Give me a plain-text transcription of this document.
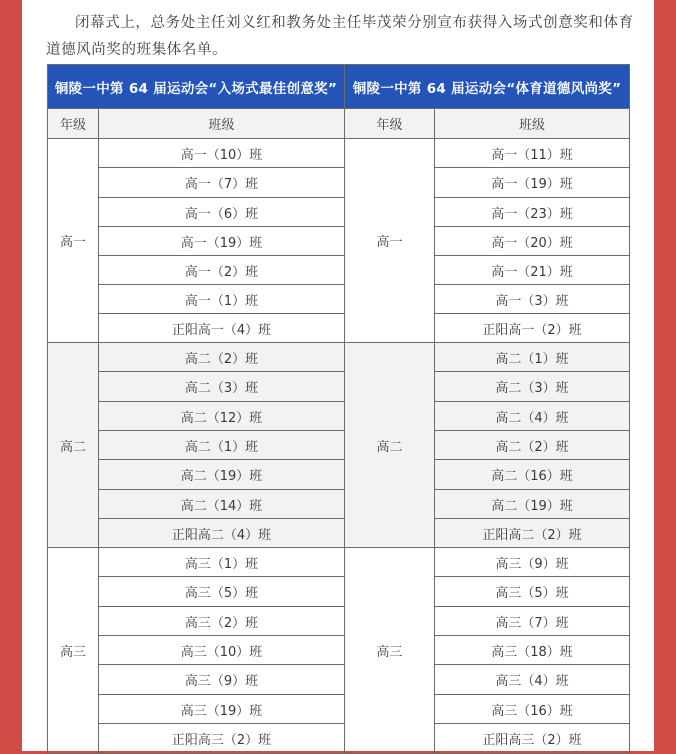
闭幕式上，总务处主任刘义红和教务处主任毕茂荣分别宣布获得入场式创意奖和体育道德风尚奖的班集体名单。

铜陵一中第 64 届运动会“入场式最佳创意奖”		铜陵一中第 64 届运动会“体育道德风尚奖”	
年级	班级	年级	班级
高一	高一（10）班	高一	高一（11）班
	高一（7）班		高一（19）班
	高一（6）班		高一（23）班
	高一（19）班		高一（20）班
	高一（2）班		高一（21）班
	高一（1）班		高一（3）班
	正阳高一（4）班		正阳高一（2）班
高二	高二（2）班	高二	高二（1）班
	高二（3）班		高二（3）班
	高二（12）班		高二（4）班
	高二（1）班		高二（2）班
	高二（19）班		高二（16）班
	高二（14）班		高二（19）班
	正阳高二（4）班		正阳高二（2）班
高三	高三（1）班	高三	高三（9）班
	高三（5）班		高三（5）班
	高三（2）班		高三（7）班
	高三（10）班		高三（18）班
	高三（9）班		高三（4）班
	高三（19）班		高三（16）班
	正阳高三（2）班		正阳高三（2）班
